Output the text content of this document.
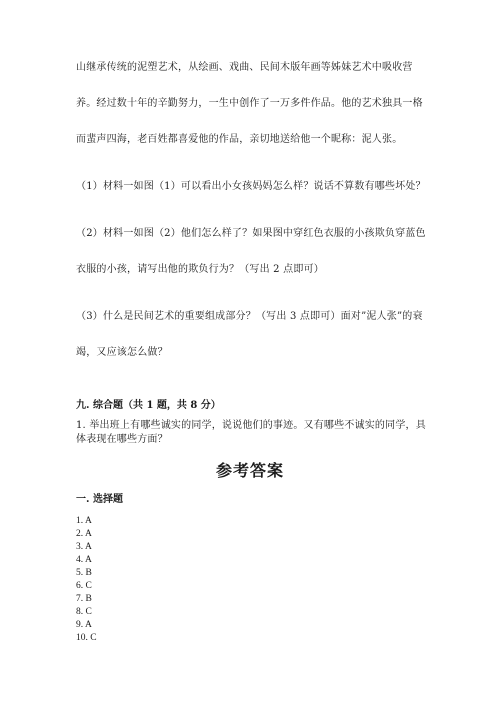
山继承传统的泥塑艺术，从绘画、戏曲、民间木版年画等姊妹艺术中吸收营
养。经过数十年的辛勤努力，一生中创作了一万多件作品。他的艺术独具一格
而蜚声四海，老百姓都喜爱他的作品，亲切地送给他一个昵称：泥人张。
（1）材料一如图（1）可以看出小女孩妈妈怎么样？说话不算数有哪些坏处？
（2）材料一如图（2）他们怎么样了？如果图中穿红色衣服的小孩欺负穿蓝色
衣服的小孩，请写出他的欺负行为？（写出 2 点即可）
（3）什么是民间艺术的重要组成部分？（写出 3 点即可）面对”泥人张”的衰
竭，又应该怎么做？
九. 综合题（共 1 题，共 8 分）
1. 举出班上有哪些诚实的同学，说说他们的事迹。又有哪些不诚实的同学，具
体表现在哪些方面？
参考答案
一. 选择题
1. A
2. A
3. A
4. A
5. B
6. C
7. B
8. C
9. A
10. C
